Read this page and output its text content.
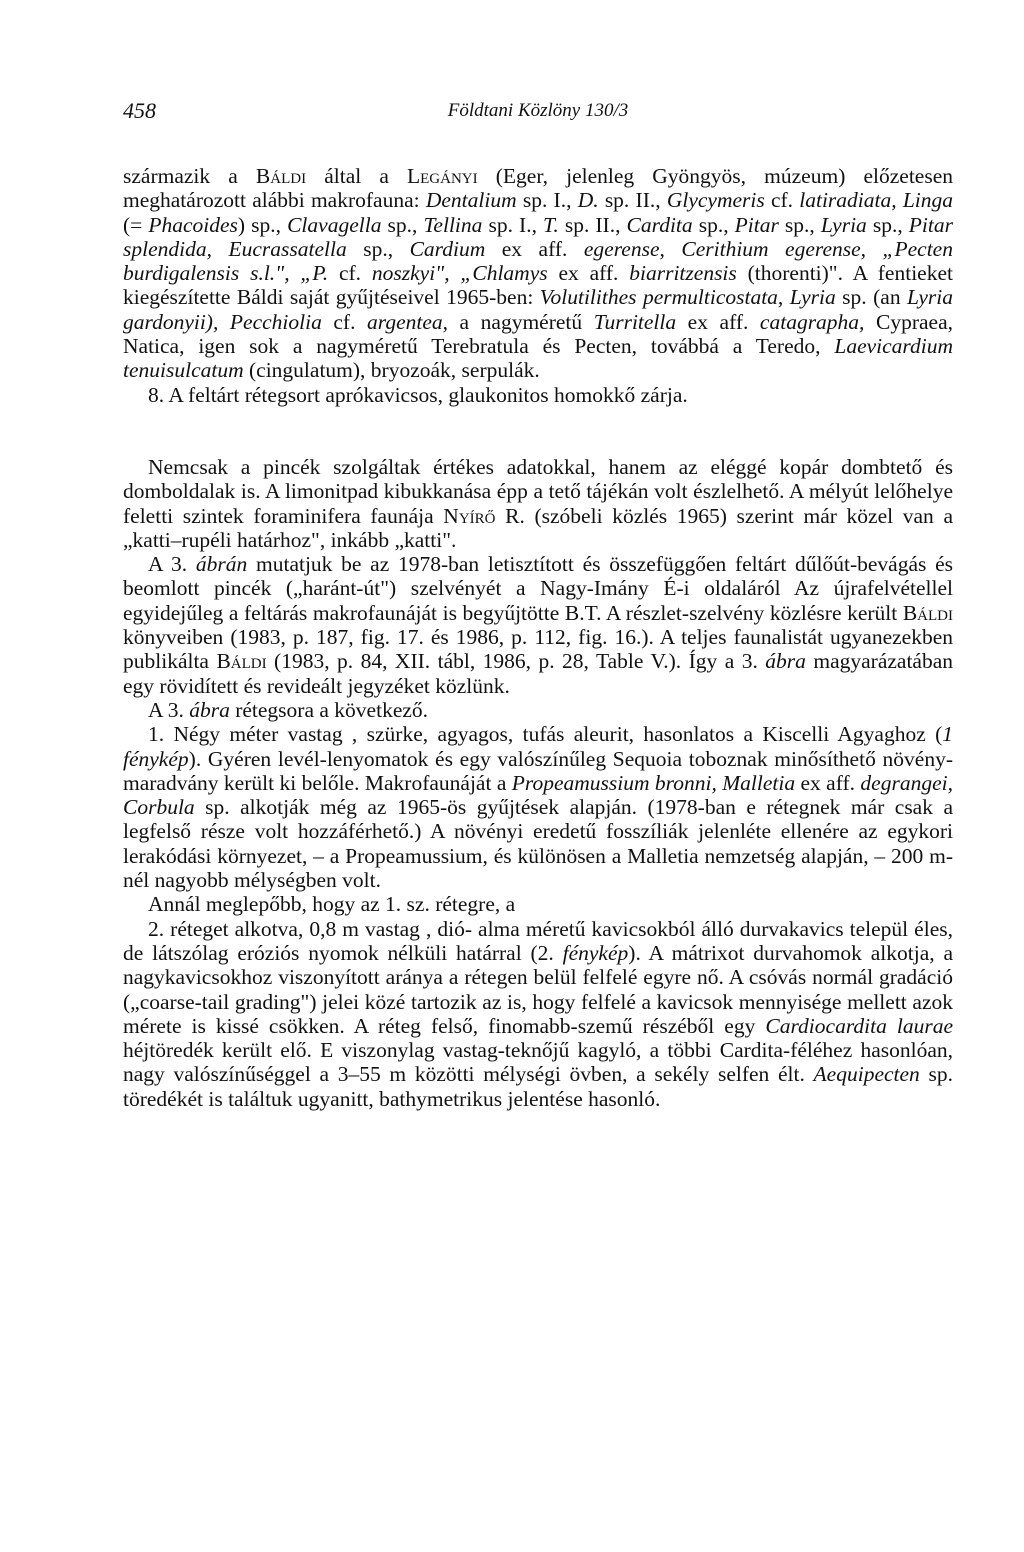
458	Földtani Közlöny 130/3

származik a Báldi által a Legányi (Eger, jelenleg Gyöngyös, múzeum) előzetesen meghatározott alábbi makrofauna: Dentalium sp. I., D. sp. II., Glycymeris cf. latiradiata, Linga (= Phacoides) sp., Clavagella sp., Tellina sp. I., T. sp. II., Cardita sp., Pitar sp., Lyria sp., Pitar splendida, Eucrassatella sp., Cardium ex aff. egerense, Cerithium egerense, „Pecten burdigalensis s.l.", „P. cf. noszkyi", „Chlamys ex aff. biarritzensis (thorenti)". A fentieket kiegészítette Báldi saját gyűjtéseivel 1965-ben: Volutilithes permulticostata, Lyria sp. (an Lyria gardonyii), Pecchiolia cf. argentea, a nagyméretű Turritella ex aff. catagrapha, Cypraea, Natica, igen sok a nagyméretű Terebratula és Pecten, továbbá a Teredo, Laevicardium tenuisulcatum (cingulatum), bryozoák, serpulák.

8. A feltárt rétegsort aprókavicsos, glaukonitos homokkő zárja.

Nemcsak a pincék szolgáltak értékes adatokkal, hanem az eléggé kopár dombtető és domboldalak is. A limonitpad kibukkanása épp a tető tájékán volt észlelhető. A mélyút lelőhelye feletti szintek foraminifera faunája Nyírő R. (szóbeli közlés 1965) szerint már közel van a „katti–rupéli határhoz", inkább „katti".

A 3. ábrán mutatjuk be az 1978-ban letisztított és összefüggően feltárt dűlőút-bevágás és beomlott pincék („haránt-út") szelvényét a Nagy-Imány É-i oldaláról Az újrafelvétellel egyidejűleg a feltárás makrofaunáját is begyűjtötte B.T. A részlet-szelvény közlésre került Báldi könyveiben (1983, p. 187, fig. 17. és 1986, p. 112, fig. 16.). A teljes faunalistát ugyanezekben publikálta Báldi (1983, p. 84, XII. tábl, 1986, p. 28, Table V.). Így a 3. ábra magyarázatában egy rövidített és revideált jegyzéket közlünk.

A 3. ábra rétegsora a következő.

1. Négy méter vastag , szürke, agyagos, tufás aleurit, hasonlatos a Kiscelli Agyaghoz (1 fénykép). Gyéren levél-lenyomatok és egy valószínűleg Sequoia toboznak minősíthető növény-maradvány került ki belőle. Makrofaunáját a Propeamussium bronni, Malletia ex aff. degrangei, Corbula sp. alkotják még az 1965-ös gyűjtések alapján. (1978-ban e rétegnek már csak a legfelső része volt hozzáférhető.) A növényi eredetű fosszíliák jelenléte ellenére az egykori lerakódási környezet, – a Propeamussium, és különösen a Malletia nemzetség alapján, – 200 m-nél nagyobb mélységben volt.

Annál meglepőbb, hogy az 1. sz. rétegre, a

2. réteget alkotva, 0,8 m vastag , dió- alma méretű kavicsokból álló durvakavics települ éles, de látszólag eróziós nyomok nélküli határral (2. fénykép). A mátrixot durvahomok alkotja, a nagykavicsokhoz viszonyított aránya a rétegen belül felfelé egyre nő. A csóvás normál gradáció („coarse-tail grading") jelei közé tartozik az is, hogy felfelé a kavicsok mennyisége mellett azok mérete is kissé csökken. A réteg felső, finomabb-szemű részéből egy Cardiocardita laurae héjtöredék került elő. E viszonylag vastag-teknőjű kagyló, a többi Cardita-féléhez hasonlóan, nagy valószínűséggel a 3–55 m közötti mélységi övben, a sekély selfen élt. Aequipecten sp. töredékét is találtuk ugyanitt, bathymetrikus jelentése hasonló.
